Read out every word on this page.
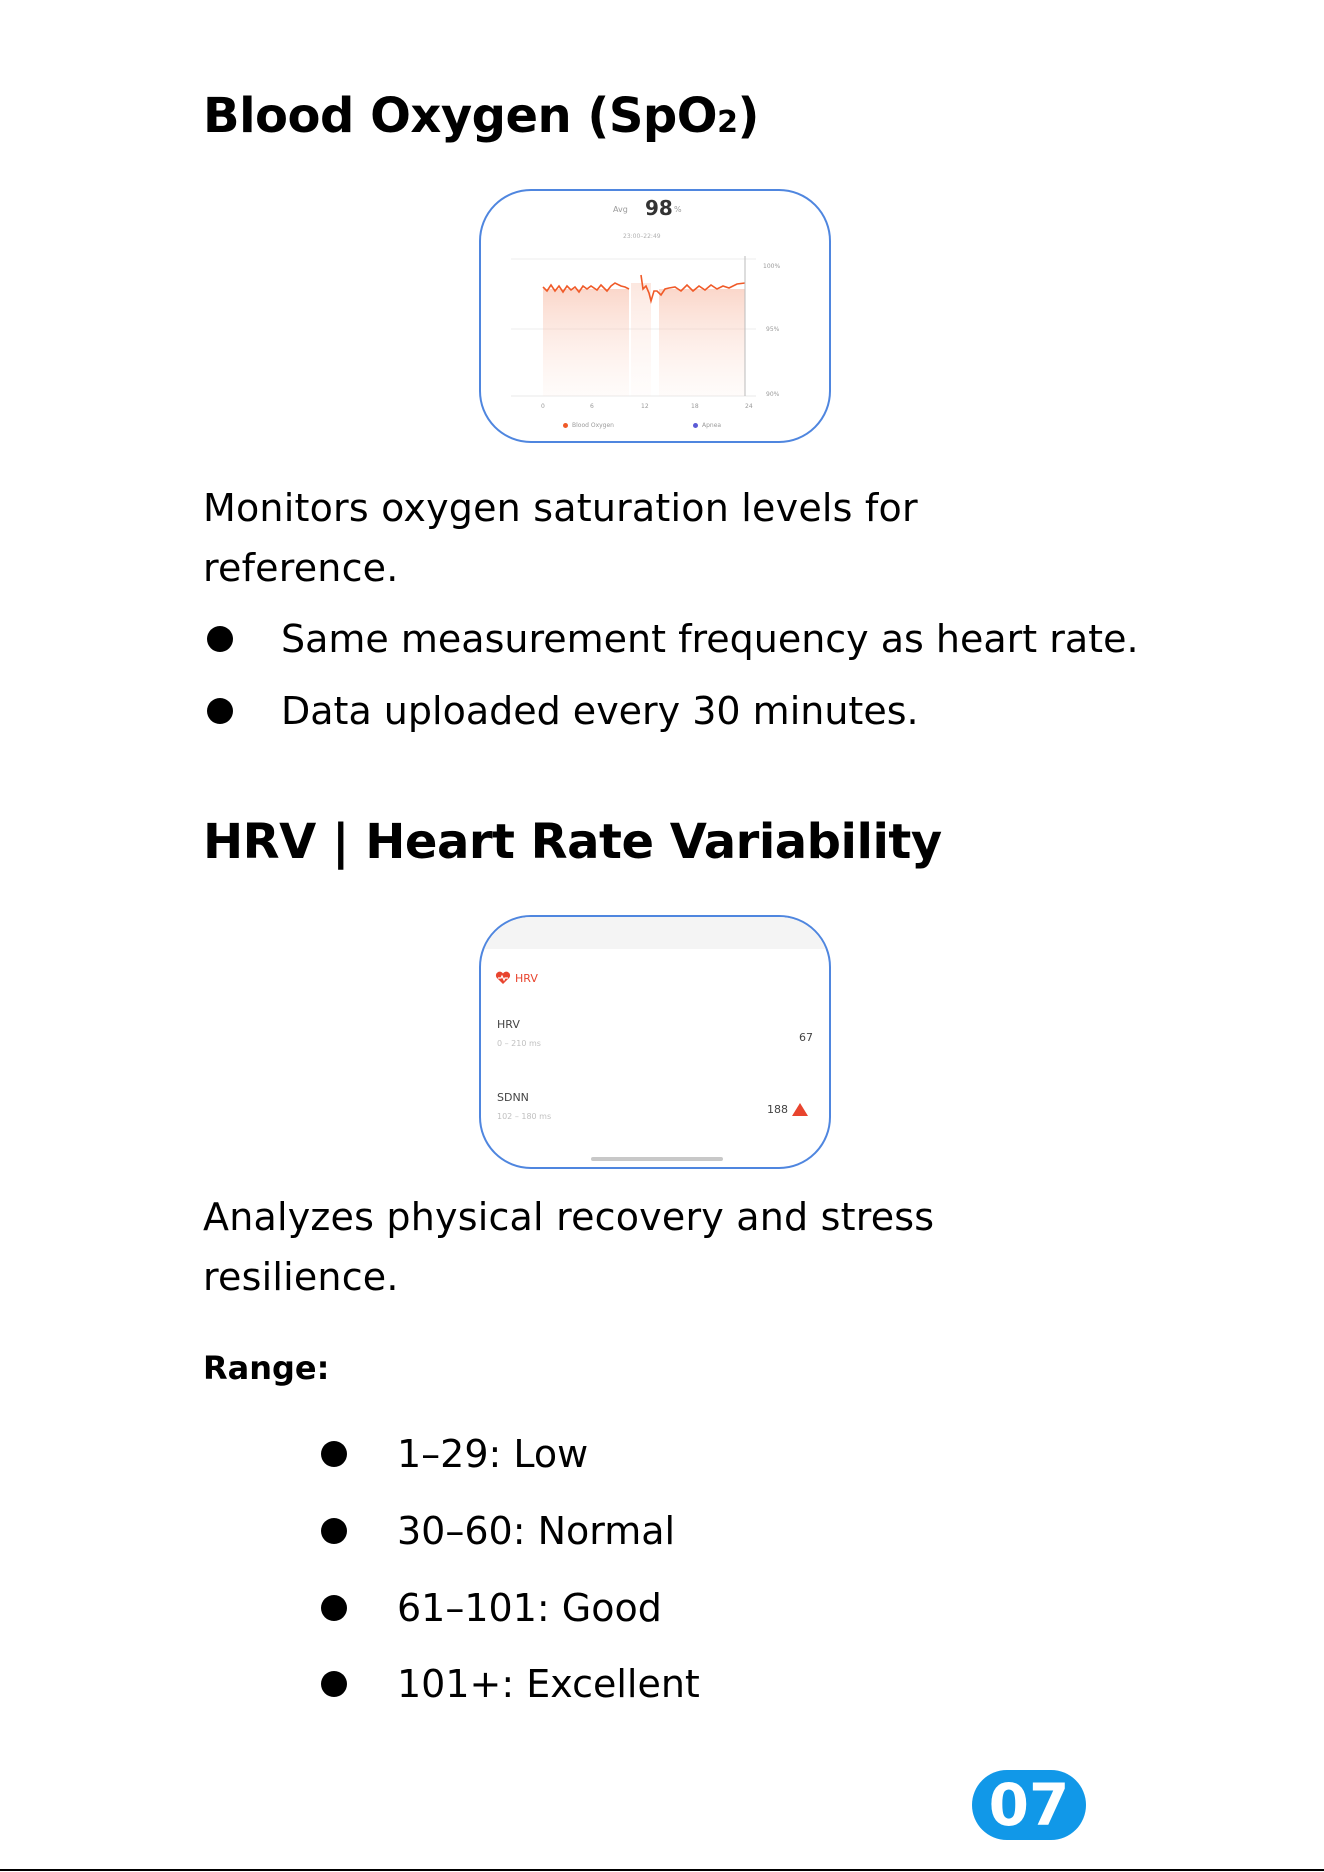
Blood Oxygen (SpO2)
Avg 98 %
23:00–22:49
100%
95%
90%
0	6	12	18	24
Blood Oxygen	Apnea
Monitors oxygen saturation levels for reference.
Same measurement frequency as heart rate.
Data uploaded every 30 minutes.
HRV | Heart Rate Variability
HRV
HRV
0 – 210 ms	67
SDNN
102 – 180 ms
188
Analyzes physical recovery and stress resilience.
Range:
1–29: Low
30–60: Normal
61–101: Good
101+: Excellent
07
